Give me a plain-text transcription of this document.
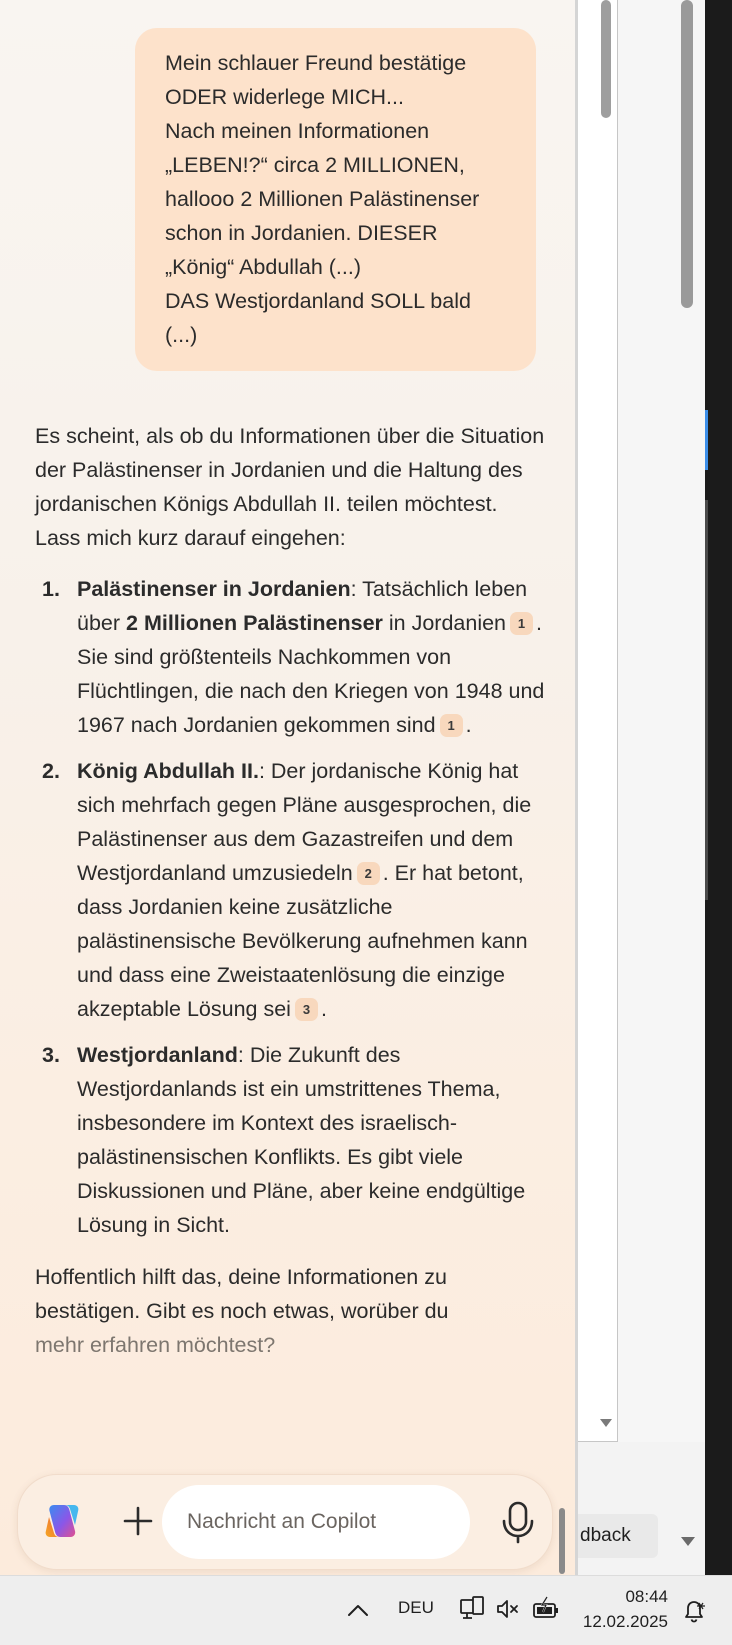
Mein schlauer Freund bestätige

ODER widerlege MICH...

Nach meinen Informationen

„LEBEN!?“ circa 2 MILLIONEN,

hallooo 2 Millionen Palästinenser

schon in Jordanien. DIESER

„König“ Abdullah (...)

DAS Westjordanland SOLL bald

(...)

Es scheint, als ob du Informationen über die Situation der Palästinenser in Jordanien und die Haltung des jordanischen Königs Abdullah II. teilen möchtest. Lass mich kurz darauf eingehen:

1. Palästinenser in Jordanien: Tatsächlich leben über 2 Millionen Palästinenser in Jordanien 1 . Sie sind größtenteils Nachkommen von Flüchtlingen, die nach den Kriegen von 1948 und 1967 nach Jordanien gekommen sind 1 .
2. König Abdullah II.: Der jordanische König hat sich mehrfach gegen Pläne ausgesprochen, die Palästinenser aus dem Gazastreifen und dem Westjordanland umzusiedeln 2 . Er hat betont, dass Jordanien keine zusätzliche palästinensische Bevölkerung aufnehmen kann und dass eine Zweistaatenlösung die einzige akzeptable Lösung sei 3 .
3. Westjordanland: Die Zukunft des Westjordanlands ist ein umstrittenes Thema, insbesondere im Kontext des israelisch-palästinensischen Konflikts. Es gibt viele Diskussionen und Pläne, aber keine endgültige Lösung in Sicht.

Hoffentlich hilft das, deine Informationen zu bestätigen. Gibt es noch etwas, worüber du
mehr erfahren möchtest?

Nachricht an Copilot
dback
DEU
08:44
12.02.2025
